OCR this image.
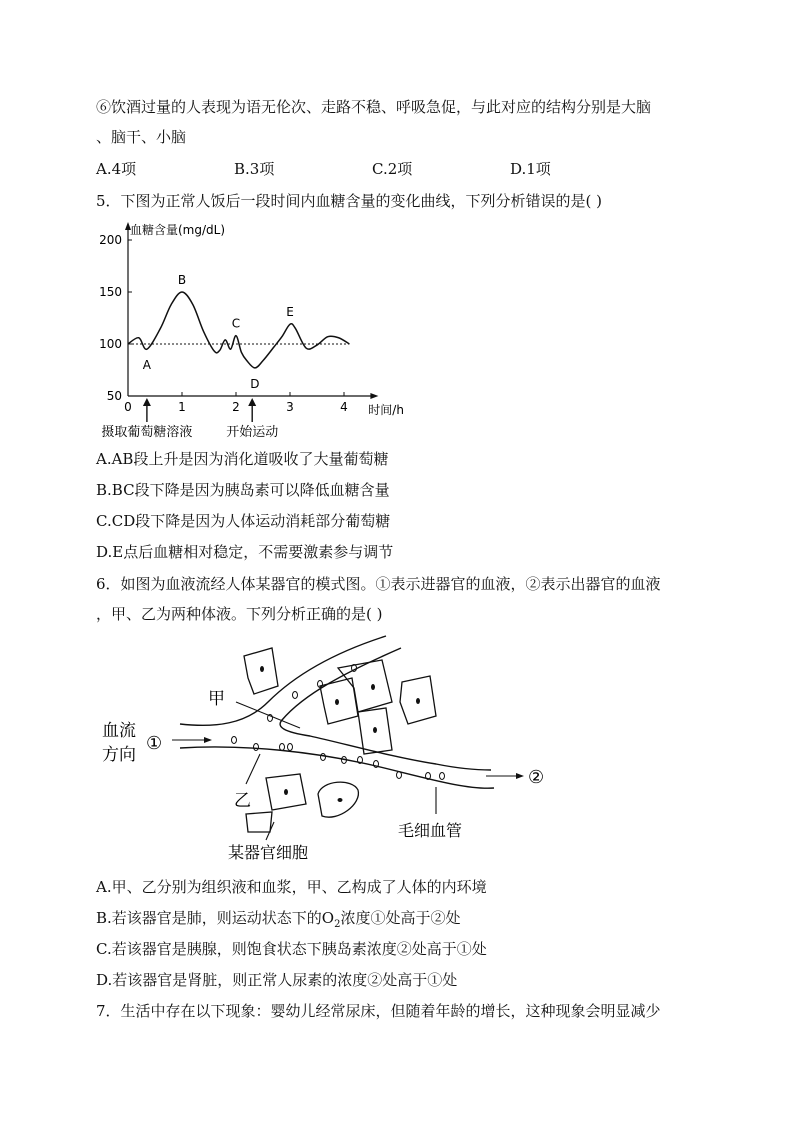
⑥饮酒过量的人表现为语无伦次、走路不稳、呼吸急促，与此对应的结构分别是大脑
、脑干、小脑
A.4项	B.3项	C.2项	D.1项
5．下图为正常人饭后一段时间内血糖含量的变化曲线，下列分析错误的是( )
血糖含量(mg/dL)
时间/h
200
150
100
50
0	1	2	3	4
A
B
C
D
E
摄取葡萄糖溶液	开始运动
A.AB段上升是因为消化道吸收了大量葡萄糖
B.BC段下降是因为胰岛素可以降低血糖含量
C.CD段下降是因为人体运动消耗部分葡萄糖
D.E点后血糖相对稳定，不需要激素参与调节
6．如图为血液流经人体某器官的模式图。①表示进器官的血液，②表示出器官的血液
，甲、乙为两种体液。下列分析正确的是( )
甲
血流
方向
①
②
乙
毛细血管
某器官细胞
A.甲、乙分别为组织液和血浆，甲、乙构成了人体的内环境
B.若该器官是肺，则运动状态下的$O_2$浓度①处高于②处
C.若该器官是胰腺，则饱食状态下胰岛素浓度②处高于①处
D.若该器官是肾脏，则正常人尿素的浓度②处高于①处
7．生活中存在以下现象：婴幼儿经常尿床，但随着年龄的增长，这种现象会明显减少
